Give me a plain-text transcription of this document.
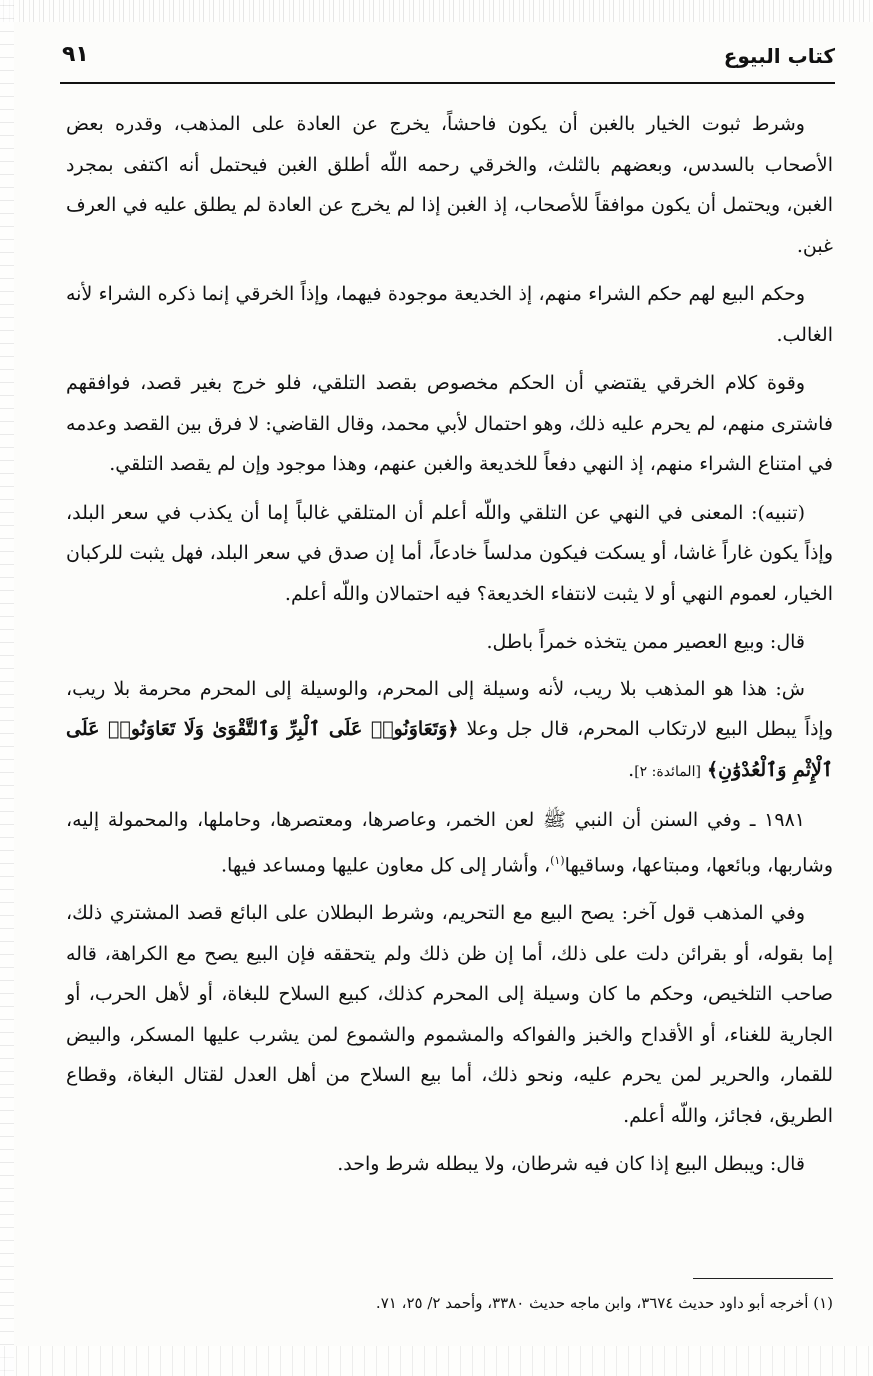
كتاب البيوع
٩١

وشرط ثبوت الخيار بالغبن أن يكون فاحشاً، يخرج عن العادة على المذهب، وقدره بعض الأصحاب بالسدس، وبعضهم بالثلث، والخرقي رحمه اللّه أطلق الغبن فيحتمل أنه اكتفى بمجرد الغبن، ويحتمل أن يكون موافقاً للأصحاب، إذ الغبن إذا لم يخرج عن العادة لم يطلق عليه في العرف غبن.

وحكم البيع لهم حكم الشراء منهم، إذ الخديعة موجودة فيهما، وإذاً الخرقي إنما ذكره الشراء لأنه الغالب.

وقوة كلام الخرقي يقتضي أن الحكم مخصوص بقصد التلقي، فلو خرج بغير قصد، فوافقهم فاشترى منهم، لم يحرم عليه ذلك، وهو احتمال لأبي محمد، وقال القاضي: لا فرق بين القصد وعدمه في امتناع الشراء منهم، إذ النهي دفعاً للخديعة والغبن عنهم، وهذا موجود وإن لم يقصد التلقي.

(تنبيه): المعنى في النهي عن التلقي واللّه أعلم أن المتلقي غالباً إما أن يكذب في سعر البلد، وإذاً يكون غاراً غاشا، أو يسكت فيكون مدلساً خادعاً، أما إن صدق في سعر البلد، فهل يثبت للركبان الخيار، لعموم النهي أو لا يثبت لانتفاء الخديعة؟ فيه احتمالان واللّه أعلم.

قال: وبيع العصير ممن يتخذه خمراً باطل.

ش: هذا هو المذهب بلا ريب، لأنه وسيلة إلى المحرم، والوسيلة إلى المحرم محرمة بلا ريب، وإذاً يبطل البيع لارتكاب المحرم، قال جل وعلا ﴿وَتَعَاوَنُوا۟ عَلَى ٱلْبِرِّ وَٱلتَّقْوَىٰ وَلَا تَعَاوَنُوا۟ عَلَى ٱلْإِثْمِ وَٱلْعُدْوَٰنِ﴾ [المائدة: ٢].

١٩٨١ ـ وفي السنن أن النبي ﷺ لعن الخمر، وعاصرها، ومعتصرها، وحاملها، والمحمولة إليه، وشاربها، وبائعها، ومبتاعها، وساقيها$^{(١)}$، وأشار إلى كل معاون عليها ومساعد فيها.

وفي المذهب قول آخر: يصح البيع مع التحريم، وشرط البطلان على البائع قصد المشتري ذلك، إما بقوله، أو بقرائن دلت على ذلك، أما إن ظن ذلك ولم يتحققه فإن البيع يصح مع الكراهة، قاله صاحب التلخيص، وحكم ما كان وسيلة إلى المحرم كذلك، كبيع السلاح للبغاة، أو لأهل الحرب، أو الجارية للغناء، أو الأقداح والخبز والفواكه والمشموم والشموع لمن يشرب عليها المسكر، والبيض للقمار، والحرير لمن يحرم عليه، ونحو ذلك، أما بيع السلاح من أهل العدل لقتال البغاة، وقطاع الطريق، فجائز، واللّه أعلم.

قال: ويبطل البيع إذا كان فيه شرطان، ولا يبطله شرط واحد.

(١) أخرجه أبو داود حديث ٣٦٧٤، وابن ماجه حديث ٣٣٨٠، وأحمد ٢/ ٢٥، ٧١.
